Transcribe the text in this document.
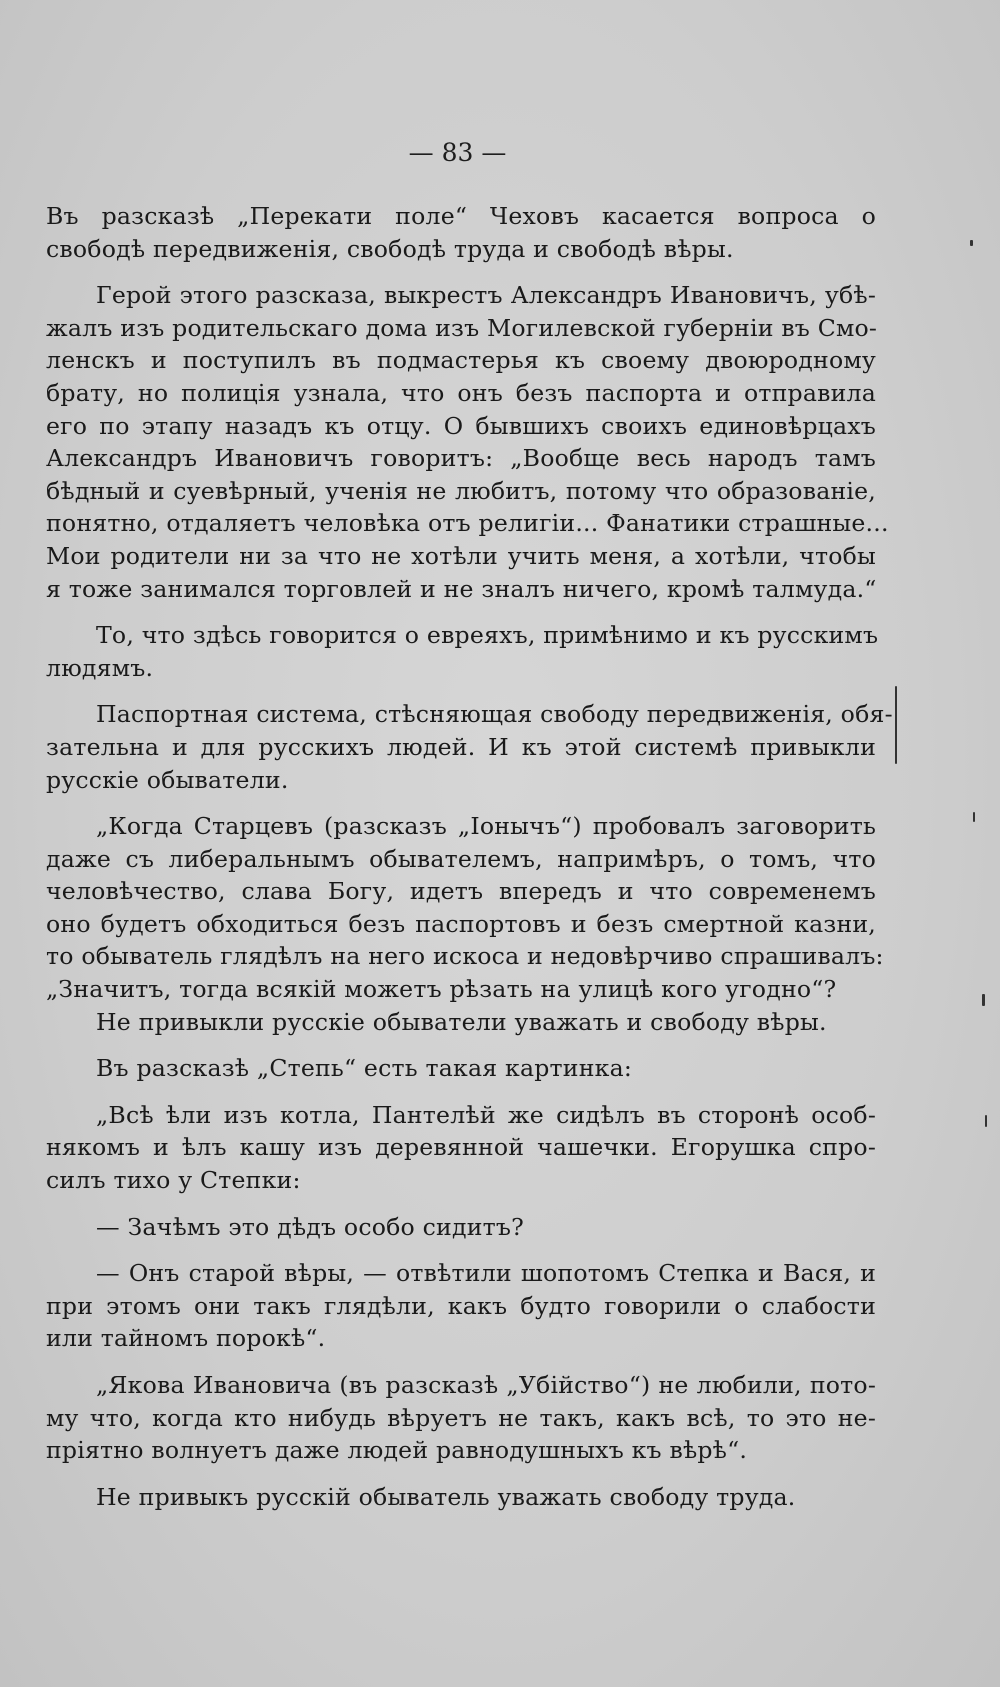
— 83 —
Въ разсказѣ „Перекати поле“ Чеховъ касается вопроса о
свободѣ передвиженія, свободѣ труда и свободѣ вѣры.
Герой этого разсказа, выкрестъ Александръ Ивановичъ, убѣ-
жалъ изъ родительскаго дома изъ Могилевской губерніи въ Смо-
ленскъ и поступилъ въ подмастерья къ своему двоюродному
брату, но полиція узнала, что онъ безъ паспорта и отправила
его по этапу назадъ къ отцу. О бывшихъ своихъ единовѣрцахъ
Александръ Ивановичъ говоритъ: „Вообще весь народъ тамъ
бѣдный и суевѣрный, ученія не любитъ, потому что образованіе,
понятно, отдаляетъ человѣка отъ религіи... Фанатики страшные...
Мои родители ни за что не хотѣли учить меня, а хотѣли, чтобы
я тоже занимался торговлей и не зналъ ничего, кромѣ талмуда.“
То, что здѣсь говорится о евреяхъ, примѣнимо и къ русскимъ
людямъ.
Паспортная система, стѣсняющая свободу передвиженія, обя-
зательна и для русскихъ людей. И къ этой системѣ привыкли
русскіе обыватели.
„Когда Старцевъ (разсказъ „Іонычъ“) пробовалъ заговорить
даже съ либеральнымъ обывателемъ, напримѣръ, о томъ, что
человѣчество, слава Богу, идетъ впередъ и что современемъ
оно будетъ обходиться безъ паспортовъ и безъ смертной казни,
то обыватель глядѣлъ на него искоса и недовѣрчиво спрашивалъ:
„Значитъ, тогда всякій можетъ рѣзать на улицѣ кого угодно“?
Не привыкли русскіе обыватели уважать и свободу вѣры.
Въ разсказѣ „Степь“ есть такая картинка:
„Всѣ ѣли изъ котла, Пантелѣй же сидѣлъ въ сторонѣ особ-
някомъ и ѣлъ кашу изъ деревянной чашечки. Егорушка спро-
силъ тихо у Степки:
— Зачѣмъ это дѣдъ особо сидитъ?
— Онъ старой вѣры, — отвѣтили шопотомъ Степка и Вася, и
при этомъ они такъ глядѣли, какъ будто говорили о слабости
или тайномъ порокѣ“.
„Якова Ивановича (въ разсказѣ „Убійство“) не любили, пото-
му что, когда кто нибудь вѣруетъ не такъ, какъ всѣ, то это не-
пріятно волнуетъ даже людей равнодушныхъ къ вѣрѣ“.
Не привыкъ русскій обыватель уважать свободу труда.
